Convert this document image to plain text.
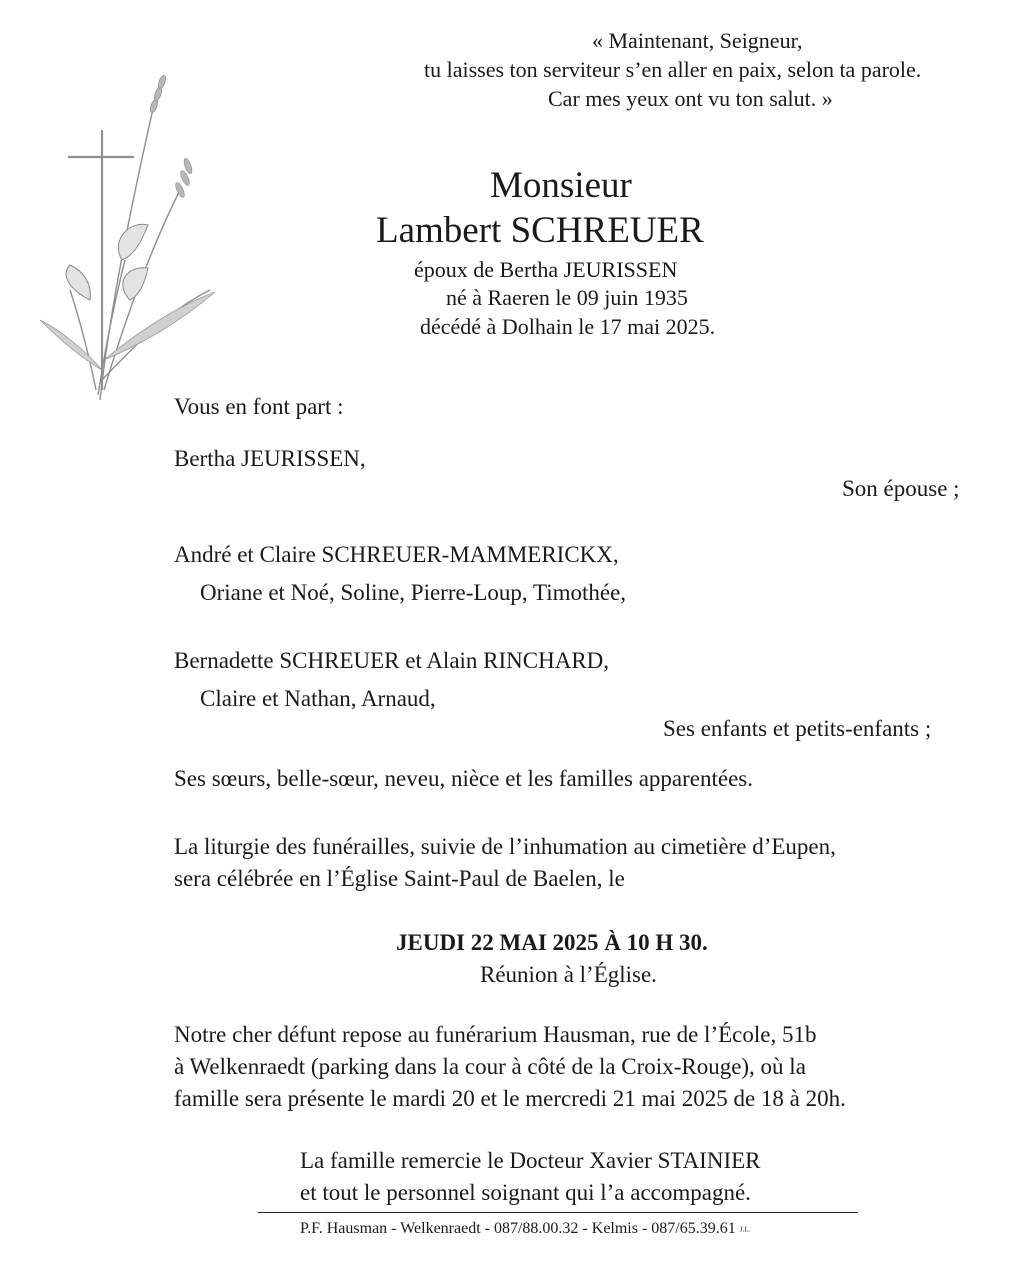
« Maintenant, Seigneur,
tu laisses ton serviteur s’en aller en paix, selon ta parole.
Car mes yeux ont vu ton salut. »
Monsieur
Lambert SCHREUER
époux de Bertha JEURISSEN
né à Raeren le 09 juin 1935
décédé à Dolhain le 17 mai 2025.
Vous en font part :
Bertha JEURISSEN,
Son épouse ;
André et Claire SCHREUER-MAMMERICKX,
Oriane et Noé, Soline, Pierre-Loup, Timothée,
Bernadette SCHREUER et Alain RINCHARD,
Claire et Nathan, Arnaud,
Ses enfants et petits-enfants ;
Ses sœurs, belle-sœur, neveu, nièce et les familles apparentées.
La liturgie des funérailles, suivie de l’inhumation au cimetière d’Eupen,
sera célébrée en l’Église Saint-Paul de Baelen, le
JEUDI 22 MAI 2025 À 10 H 30.
Réunion à l’Église.
Notre cher défunt repose au funérarium Hausman, rue de l’École, 51b
à Welkenraedt (parking dans la cour à côté de la Croix-Rouge), où la
famille sera présente le mardi 20 et le mercredi 21 mai 2025 de 18 à 20h.
La famille remercie le Docteur Xavier STAINIER
et tout le personnel soignant qui l’a accompagné.
P.F. Hausman - Welkenraedt - 087/88.00.32 - Kelmis - 087/65.39.61 J.L.
